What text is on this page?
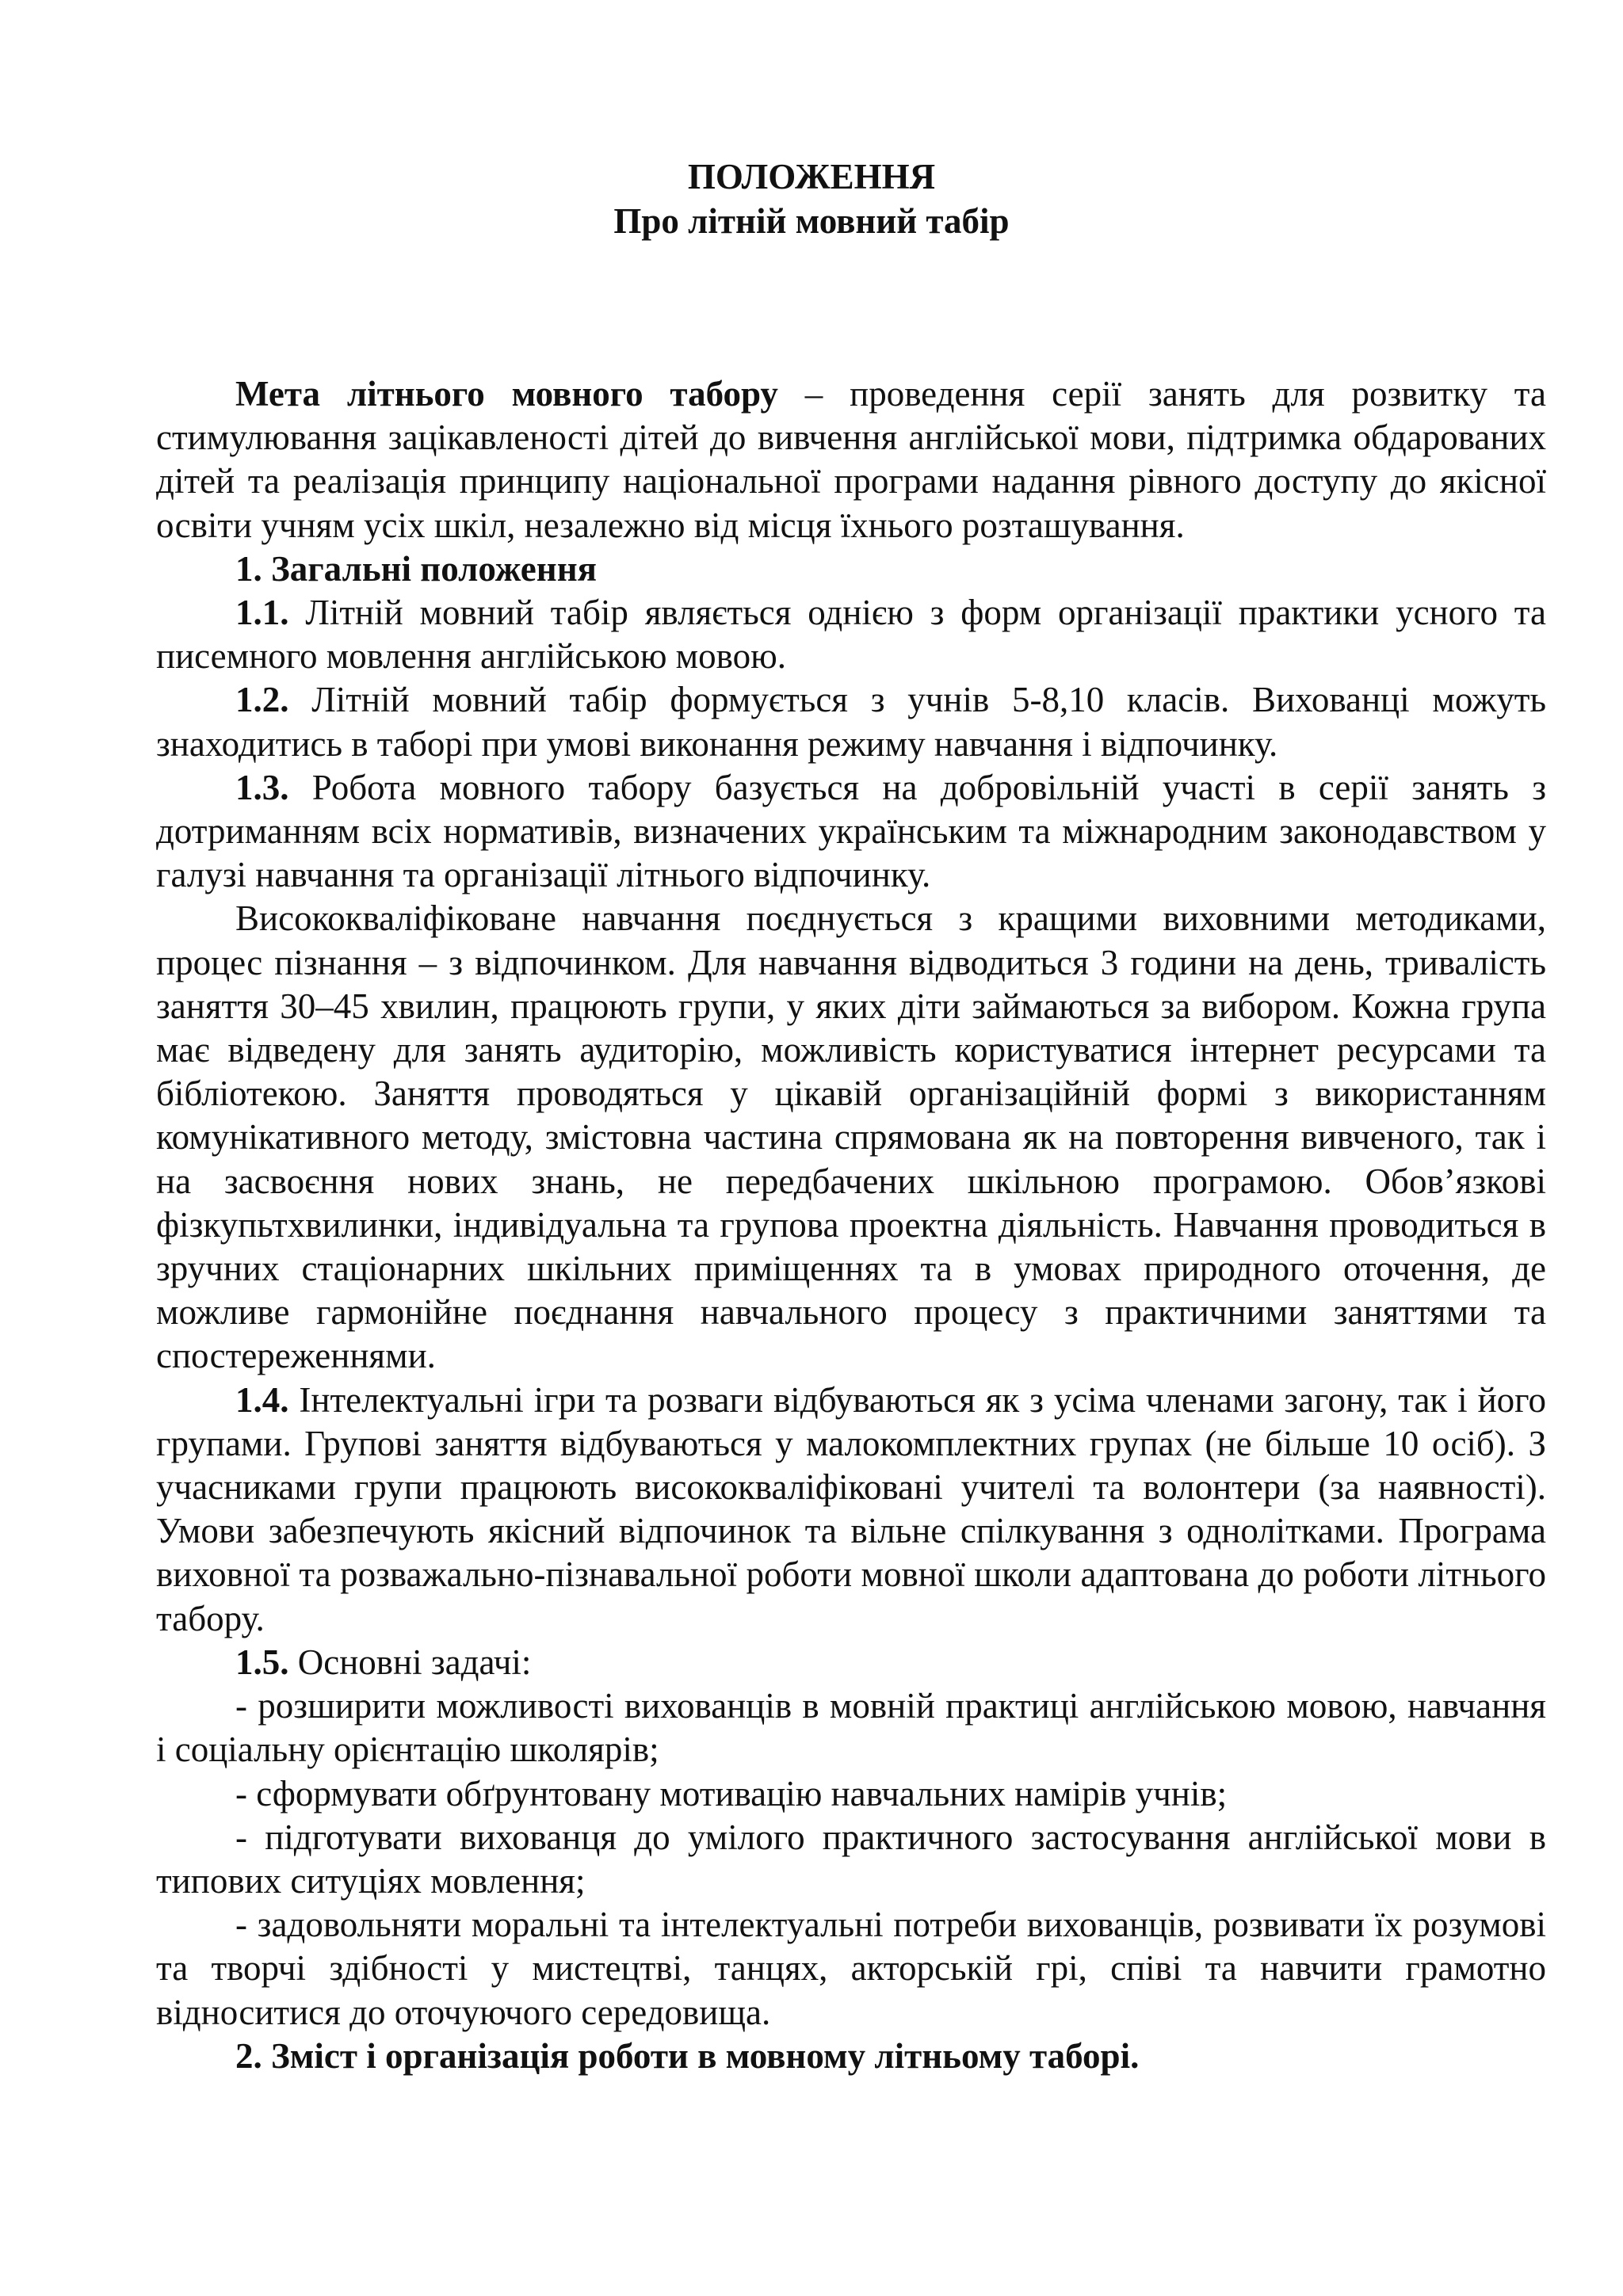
ПОЛОЖЕННЯ

Про літній мовний табір

Мета літнього мовного табору – проведення серії занять для розвитку та стимулювання зацікавленості дітей до вивчення англійської мови, підтримка обдарованих дітей та реалізація принципу національної програми надання рівного доступу до якісної освіти учням усіх шкіл, незалежно від місця їхнього розташування.

1. Загальні положення

1.1. Літній мовний табір являється однією з форм організації практики усного та писемного мовлення англійською мовою.

1.2. Літній мовний табір формується з учнів 5-8,10 класів. Вихованці можуть знаходитись в таборі при умові виконання режиму навчання і відпочинку.

1.3. Робота мовного табору базується на добровільній участі в серії занять з дотриманням всіх нормативів, визначених українським та міжнародним законодавством у галузі навчання та організації літнього відпочинку.

Висококваліфіковане навчання поєднується з кращими виховними методиками, процес пізнання – з відпочинком. Для навчання відводиться 3 години на день, тривалість заняття 30–45 хвилин, працюють групи, у яких діти займаються за вибором. Кожна група має відведену для занять аудиторію, можливість користуватися інтернет ресурсами та бібліотекою. Заняття проводяться у цікавій організаційній формі з використанням комунікативного методу, змістовна частина спрямована як на повторення вивченого, так і на засвоєння нових знань, не передбачених шкільною програмою. Обов’язкові фізкупьтхвилинки, індивідуальна та групова проектна діяльність. Навчання проводиться в зручних стаціонарних шкільних приміщеннях та в умовах природного оточення, де можливе гармонійне поєднання навчального процесу з практичними заняттями та спостереженнями.

1.4. Інтелектуальні ігри та розваги відбуваються як з усіма членами загону, так і його групами. Групові заняття відбуваються у малокомплектних групах (не більше 10 осіб). З учасниками групи працюють висококваліфіковані учителі та волонтери (за наявності). Умови забезпечують якісний відпочинок та вільне спілкування з однолітками. Програма виховної та розважально-пізнавальної роботи мовної школи адаптована до роботи літнього табору.

1.5. Основні задачі:

- розширити можливості вихованців в мовній практиці англійською мовою, навчання і соціальну орієнтацію школярів;

- сформувати обґрунтовану мотивацію навчальних намірів учнів;

- підготувати вихованця до умілого практичного застосування англійської мови в типових ситуціях мовлення;

- задовольняти моральні та інтелектуальні потреби вихованців, розвивати їх розумові та творчі здібності у мистецтві, танцях, акторській грі, співі та навчити грамотно відноситися до оточуючого середовища.

2. Зміст і організація роботи в мовному літньому таборі.
